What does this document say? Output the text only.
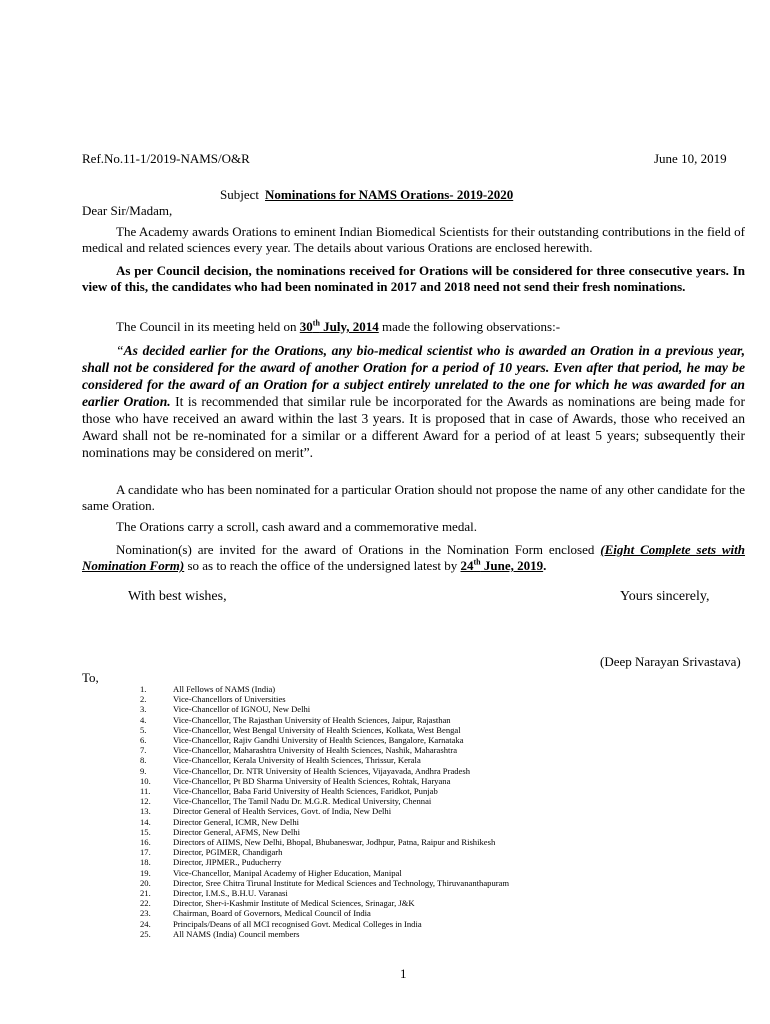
Ref.No.11-1/2019-NAMS/O&R	June 10, 2019
Subject Nominations for NAMS Orations- 2019-2020
Dear Sir/Madam,
The Academy awards Orations to eminent Indian Biomedical Scientists for their outstanding contributions in the field of medical and related sciences every year. The details about various Orations are enclosed herewith.
As per Council decision, the nominations received for Orations will be considered for three consecutive years. In view of this, the candidates who had been nominated in 2017 and 2018 need not send their fresh nominations.
The Council in its meeting held on 30th July, 2014 made the following observations:-
“As decided earlier for the Orations, any bio-medical scientist who is awarded an Oration in a previous year, shall not be considered for the award of another Oration for a period of 10 years. Even after that period, he may be considered for the award of an Oration for a subject entirely unrelated to the one for which he was awarded for an earlier Oration. It is recommended that similar rule be incorporated for the Awards as nominations are being made for those who have received an award within the last 3 years. It is proposed that in case of Awards, those who received an Award shall not be re-nominated for a similar or a different Award for a period of at least 5 years; subsequently their nominations may be considered on merit”.
A candidate who has been nominated for a particular Oration should not propose the name of any other candidate for the same Oration.
The Orations carry a scroll, cash award and a commemorative medal.
Nomination(s) are invited for the award of Orations in the Nomination Form enclosed (Eight Complete sets with Nomination Form) so as to reach the office of the undersigned latest by 24th June, 2019.
With best wishes,	Yours sincerely,
(Deep Narayan Srivastava)
To,
1.	All Fellows of NAMS (India)
2.	Vice-Chancellors of Universities
3.	Vice-Chancellor of IGNOU, New Delhi
4.	Vice-Chancellor, The Rajasthan University of Health Sciences, Jaipur, Rajasthan
5.	Vice-Chancellor, West Bengal University of Health Sciences, Kolkata, West Bengal
6.	Vice-Chancellor, Rajiv Gandhi University of Health Sciences, Bangalore, Karnataka
7.	Vice-Chancellor, Maharashtra University of Health Sciences, Nashik, Maharashtra
8.	Vice-Chancellor, Kerala University of Health Sciences, Thrissur, Kerala
9.	Vice-Chancellor, Dr. NTR University of Health Sciences, Vijayavada, Andhra Pradesh
10.	Vice-Chancellor, Pt BD Sharma University of Health Sciences, Rohtak, Haryana
11.	Vice-Chancellor, Baba Farid University of Health Sciences, Faridkot, Punjab
12.	Vice-Chancellor, The Tamil Nadu Dr. M.G.R. Medical University, Chennai
13.	Director General of Health Services, Govt. of India, New Delhi
14.	Director General, ICMR, New Delhi
15.	Director General, AFMS, New Delhi
16.	Directors of AIIMS, New Delhi, Bhopal, Bhubaneswar, Jodhpur, Patna, Raipur and Rishikesh
17.	Director, PGIMER, Chandigarh
18.	Director, JIPMER., Puducherry
19.	Vice-Chancellor, Manipal Academy of Higher Education, Manipal
20.	Director, Sree Chitra Tirunal Institute for Medical Sciences and Technology, Thiruvananthapuram
21.	Director, I.M.S., B.H.U. Varanasi
22.	Director, Sher-i-Kashmir Institute of Medical Sciences, Srinagar, J&K
23.	Chairman, Board of Governors, Medical Council of India
24.	Principals/Deans of all MCI recognised Govt. Medical Colleges in India
25.	All NAMS (India) Council members
1
